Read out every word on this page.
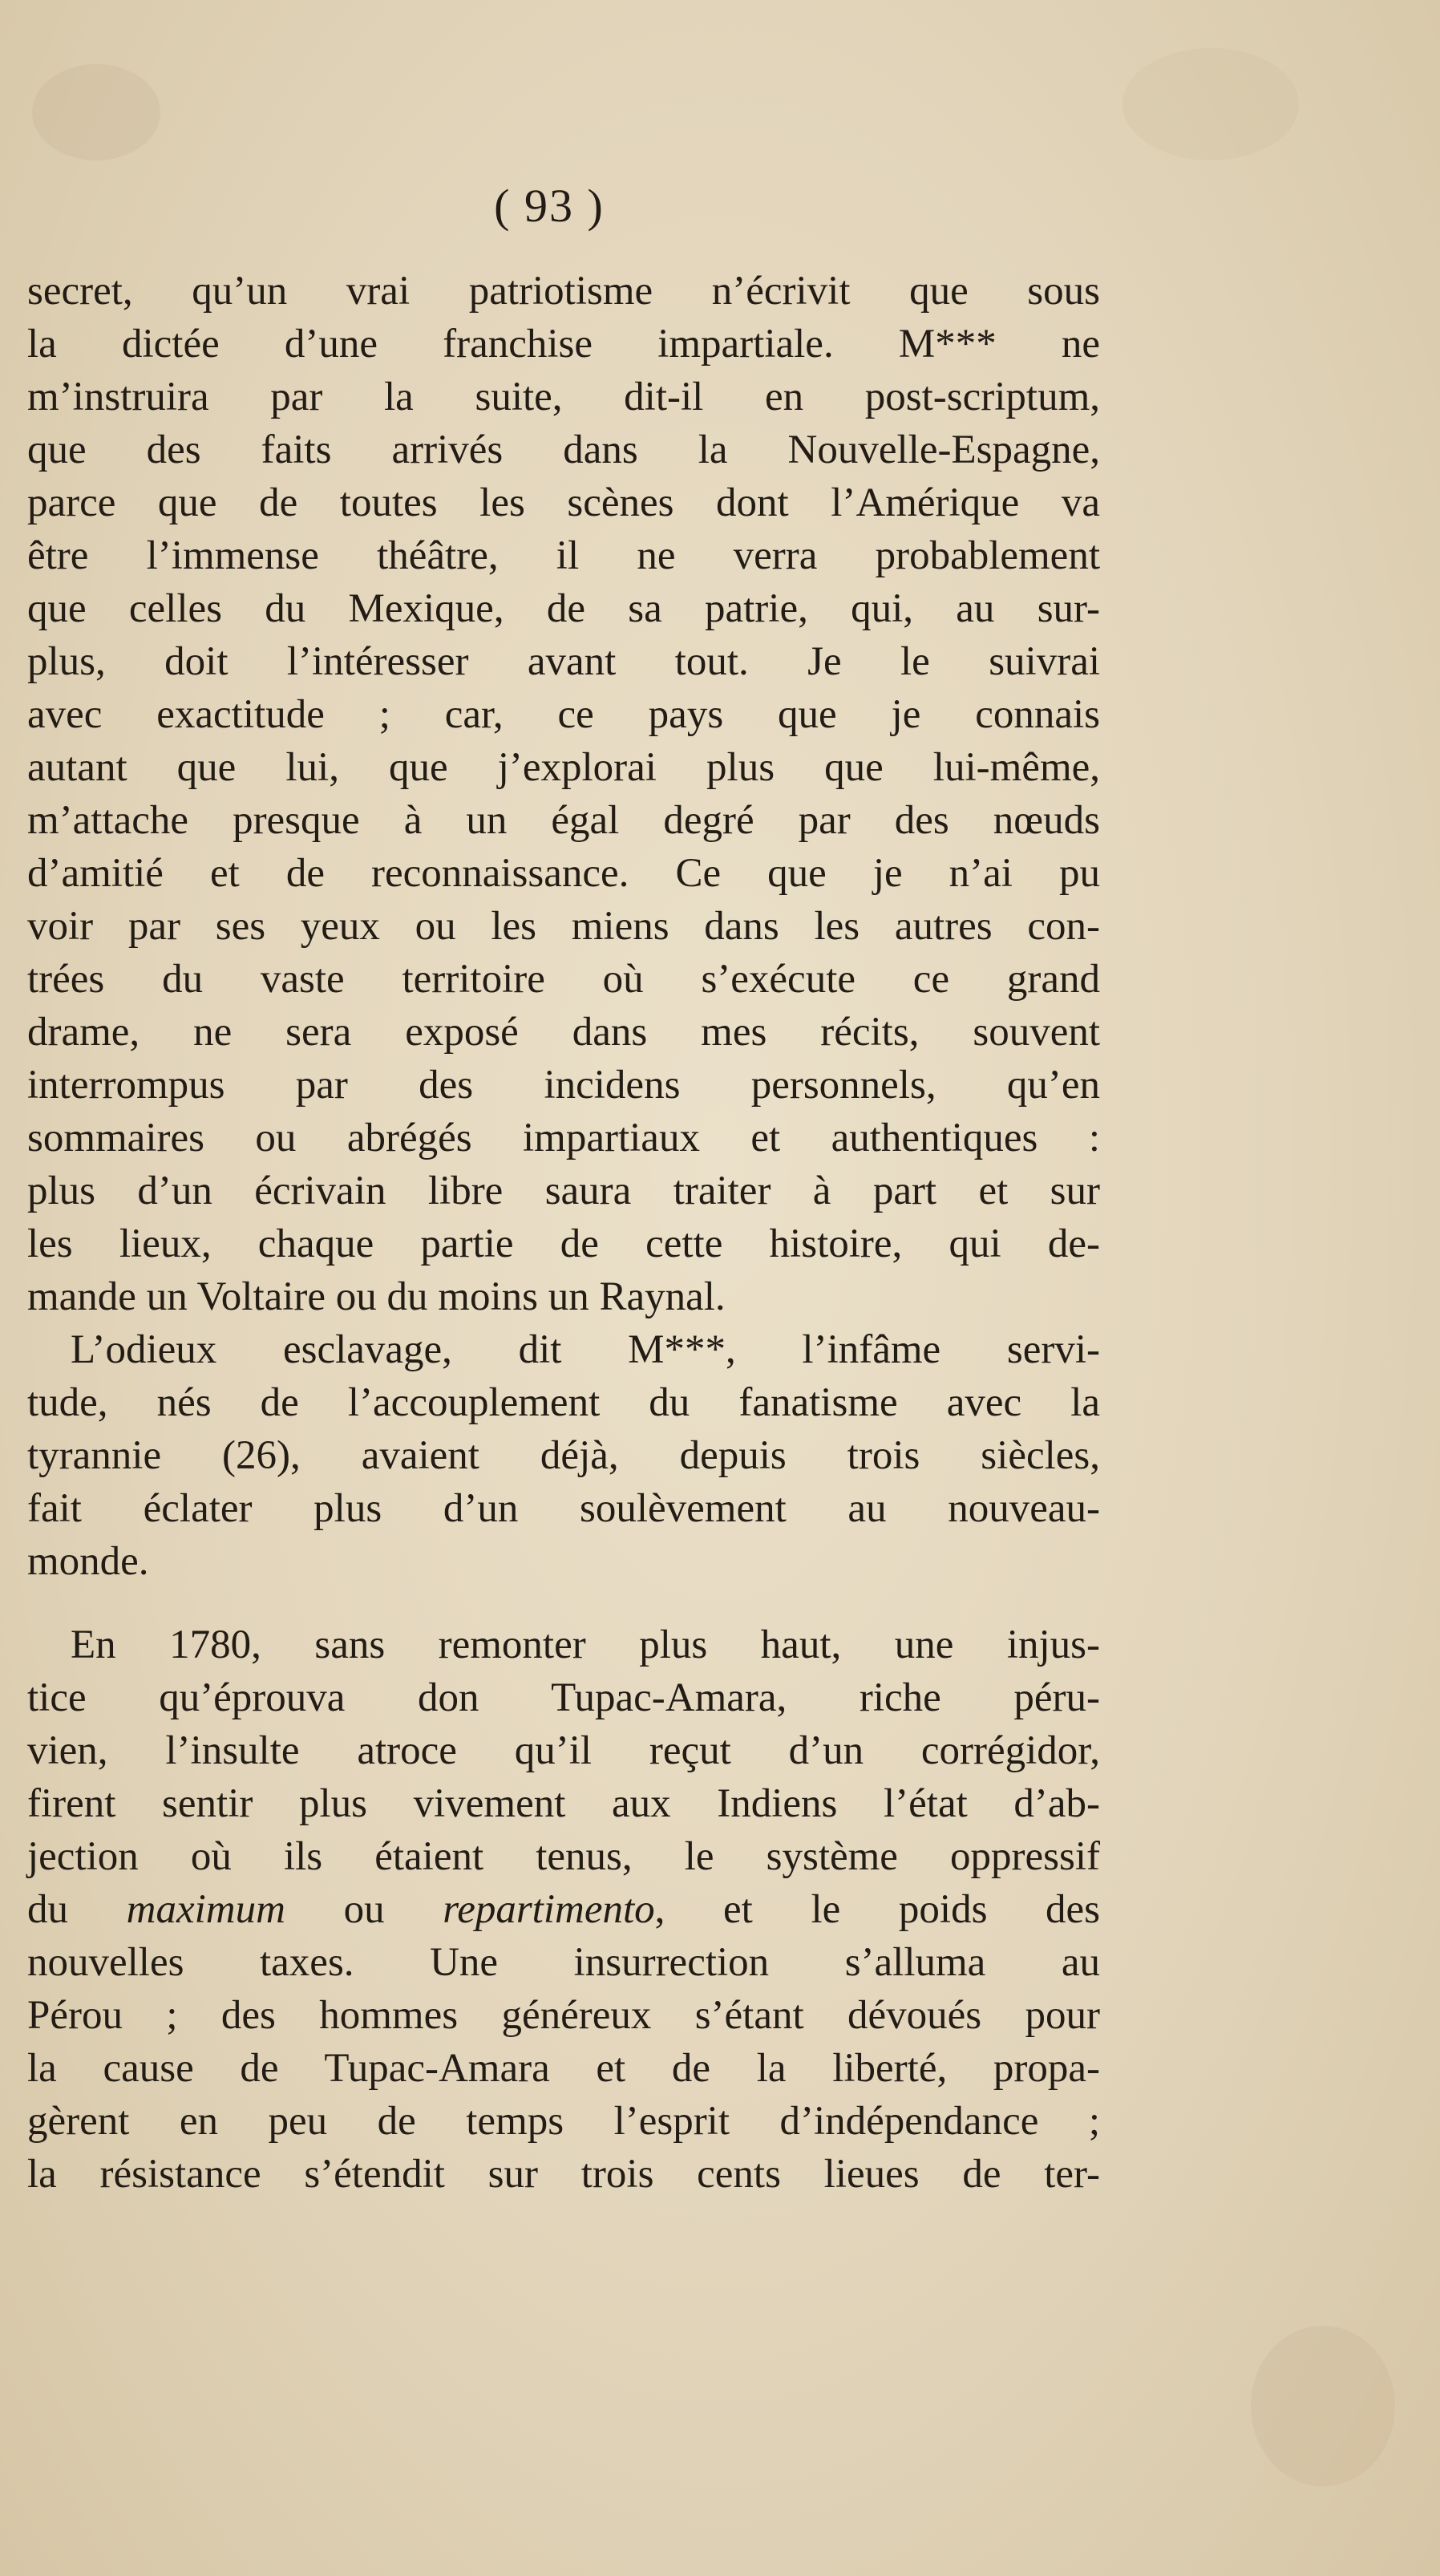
( 93 )

secret, qu’un vrai patriotisme n’écrivit que sous
la dictée d’une franchise impartiale. M*** ne
m’instruira par la suite, dit-il en post-scriptum,
que des faits arrivés dans la Nouvelle-Espagne,
parce que de toutes les scènes dont l’Amérique va
être l’immense théâtre, il ne verra probablement
que celles du Mexique, de sa patrie, qui, au sur-
plus, doit l’intéresser avant tout. Je le suivrai
avec exactitude ; car, ce pays que je connais
autant que lui, que j’explorai plus que lui-même,
m’attache presque à un égal degré par des nœuds
d’amitié et de reconnaissance. Ce que je n’ai pu
voir par ses yeux ou les miens dans les autres con-
trées du vaste territoire où s’exécute ce grand
drame, ne sera exposé dans mes récits, souvent
interrompus par des incidens personnels, qu’en
sommaires ou abrégés impartiaux et authentiques :
plus d’un écrivain libre saura traiter à part et sur
les lieux, chaque partie de cette histoire, qui de-
mande un Voltaire ou du moins un Raynal.

L’odieux esclavage, dit M***, l’infâme servi-
tude, nés de l’accouplement du fanatisme avec la
tyrannie (26), avaient déjà, depuis trois siècles,
fait éclater plus d’un soulèvement au nouveau-
monde.

En 1780, sans remonter plus haut, une injus-
tice qu’éprouva don Tupac-Amara, riche péru-
vien, l’insulte atroce qu’il reçut d’un corrégidor,
firent sentir plus vivement aux Indiens l’état d’ab-
jection où ils étaient tenus, le système oppressif
du maximum ou repartimento, et le poids des
nouvelles taxes. Une insurrection s’alluma au
Pérou ; des hommes généreux s’étant dévoués pour
la cause de Tupac-Amara et de la liberté, propa-
gèrent en peu de temps l’esprit d’indépendance ;
la résistance s’étendit sur trois cents lieues de ter-
